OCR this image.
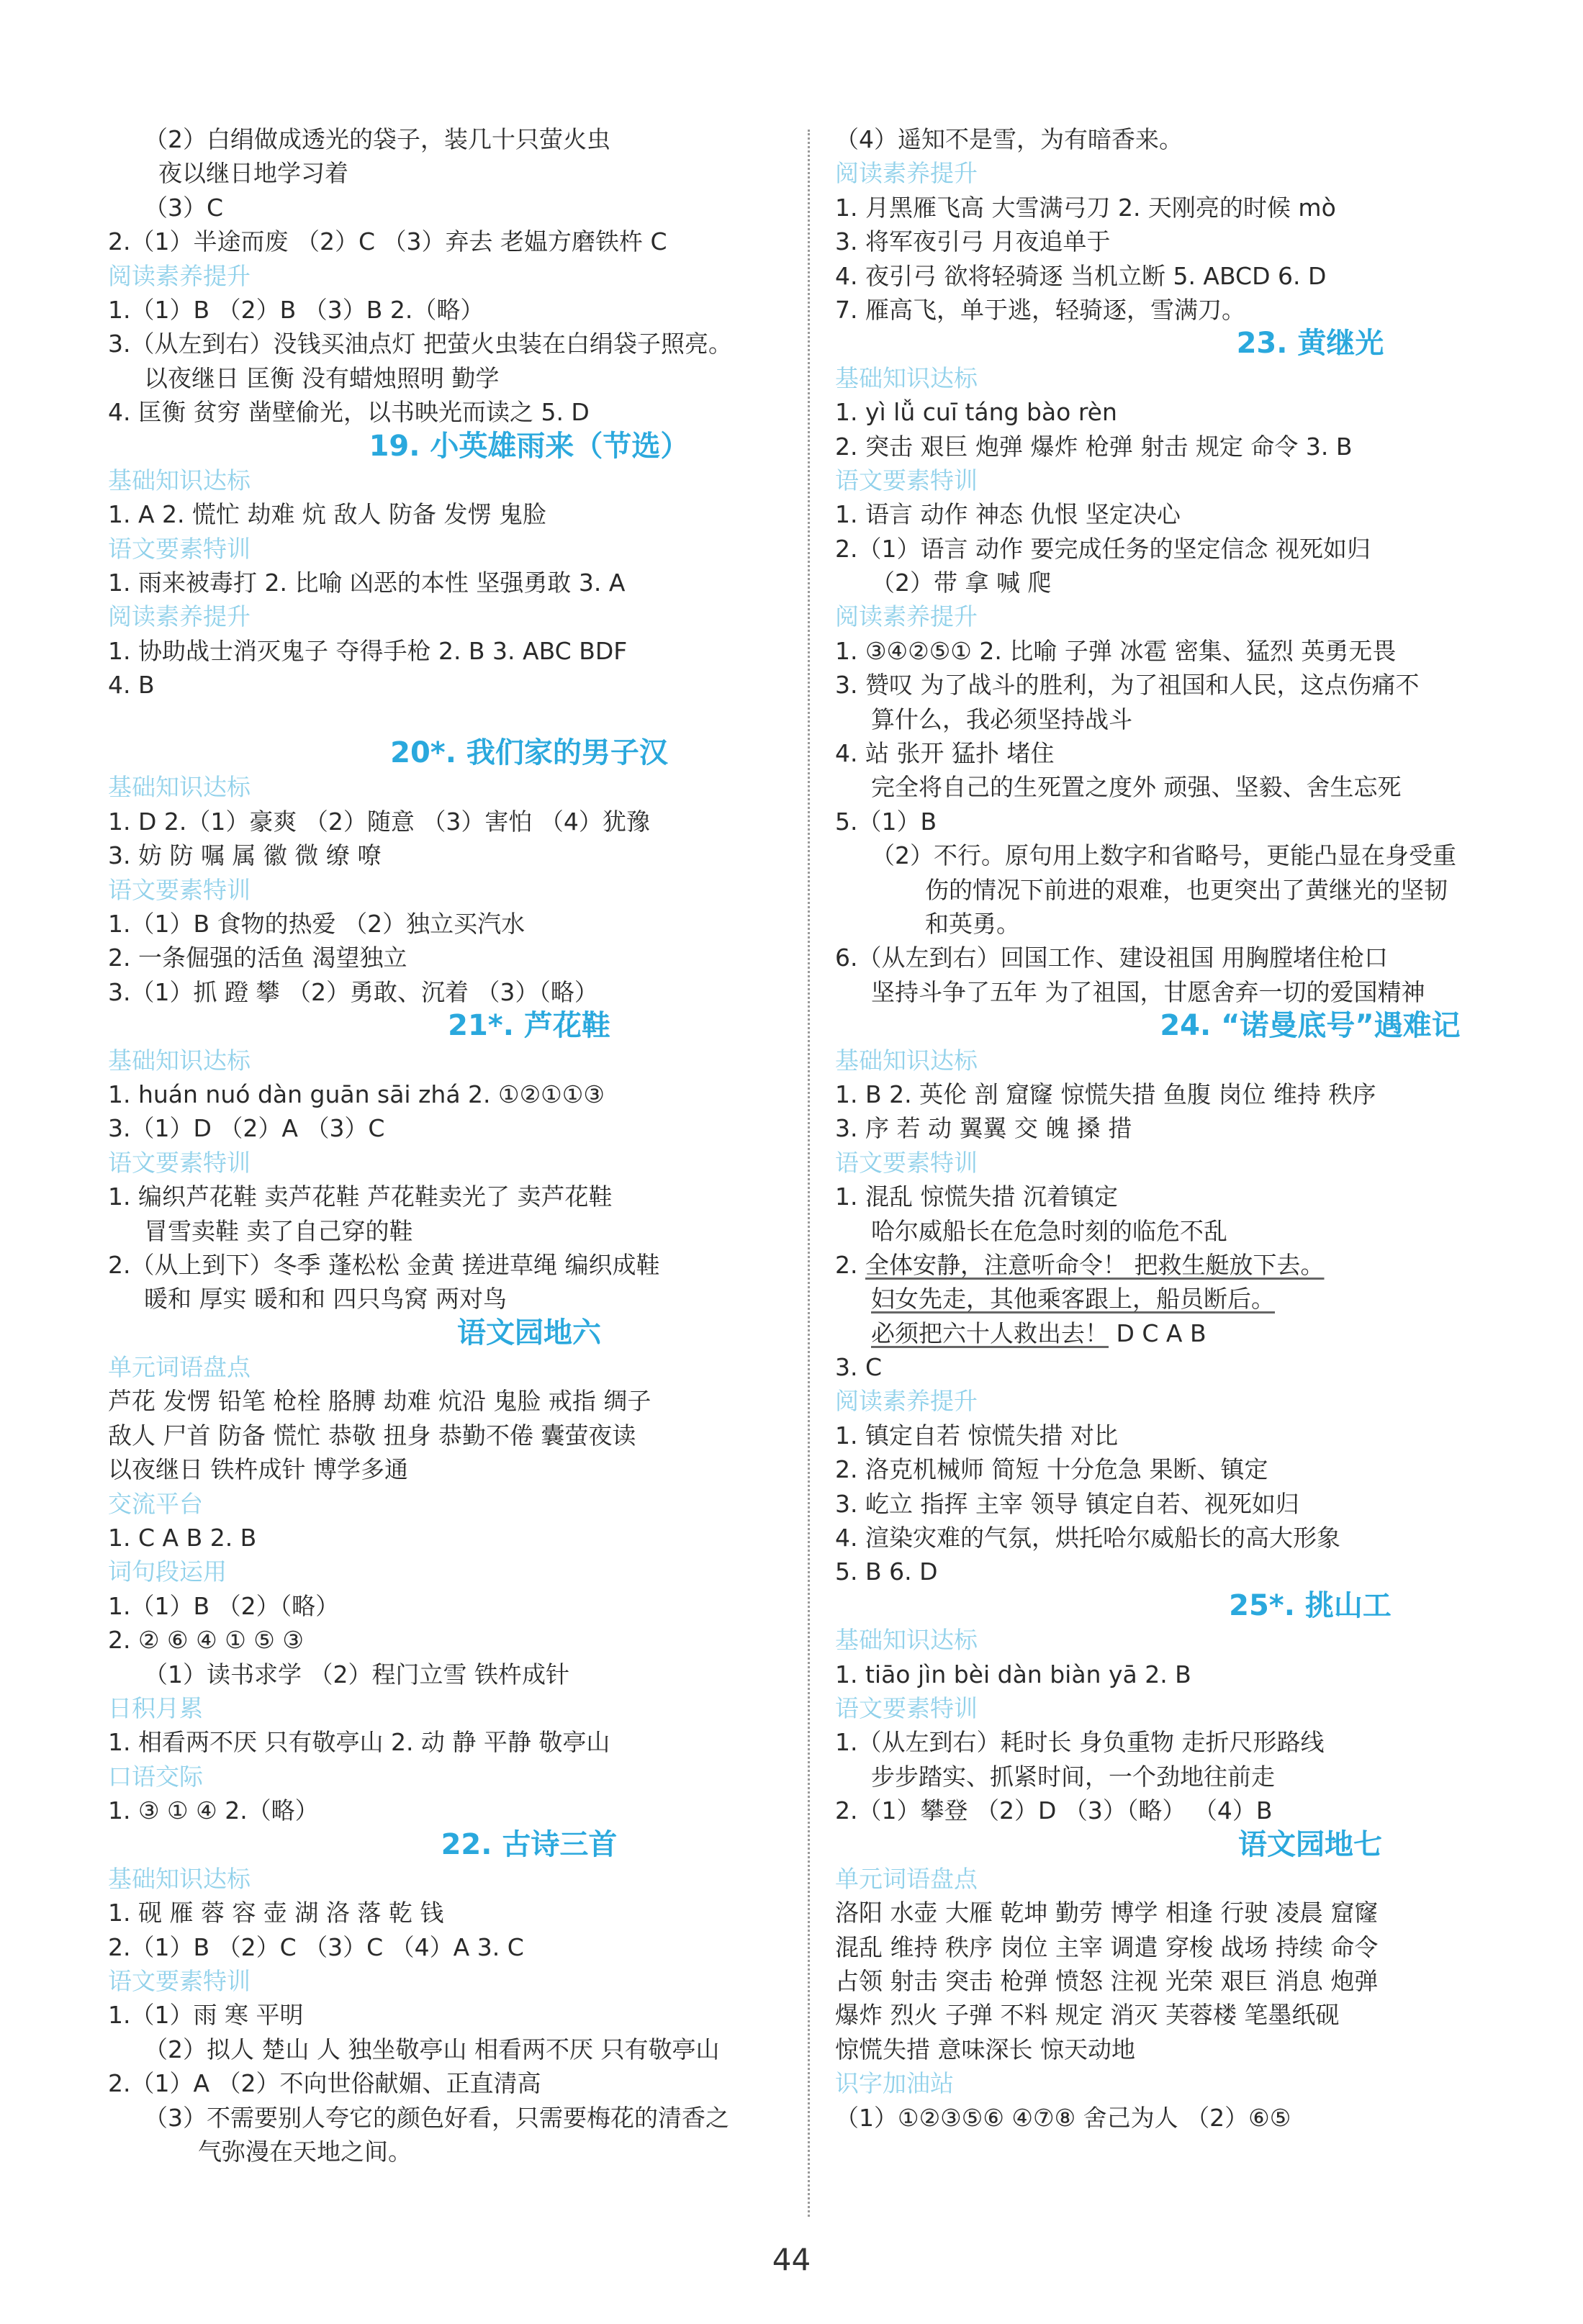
（2）白绢做成透光的袋子，装几十只萤火虫
夜以继日地学习着
（3）C
2.（1）半途而废 （2）C （3）弃去 老媪方磨铁杵 C
阅读素养提升
1.（1）B （2）B （3）B 2.（略）
3.（从左到右）没钱买油点灯 把萤火虫装在白绢袋子照亮。
以夜继日 匡衡 没有蜡烛照明 勤学
4. 匡衡 贫穷 凿壁偷光，以书映光而读之 5. D
19. 小英雄雨来（节选）
基础知识达标
1. A 2. 慌忙 劫难 炕 敌人 防备 发愣 鬼脸
语文要素特训
1. 雨来被毒打 2. 比喻 凶恶的本性 坚强勇敢 3. A
阅读素养提升
1. 协助战士消灭鬼子 夺得手枪 2. B 3. ABC BDF
4. B
20*. 我们家的男子汉
基础知识达标
1. D 2.（1）豪爽 （2）随意 （3）害怕 （4）犹豫
3. 妨 防 嘱 属 徽 微 缭 嘹
语文要素特训
1.（1）B 食物的热爱 （2）独立买汽水
2. 一条倔强的活鱼 渴望独立
3.（1）抓 蹬 攀 （2）勇敢、沉着 （3）（略）
21*. 芦花鞋
基础知识达标
1. huán nuó dàn guān sāi zhá 2. ①②①①③
3.（1）D （2）A （3）C
语文要素特训
1. 编织芦花鞋 卖芦花鞋 芦花鞋卖光了 卖芦花鞋
冒雪卖鞋 卖了自己穿的鞋
2.（从上到下）冬季 蓬松松 金黄 搓进草绳 编织成鞋
暖和 厚实 暖和和 四只鸟窝 两对鸟
语文园地六
单元词语盘点
芦花 发愣 铅笔 枪栓 胳膊 劫难 炕沿 鬼脸 戒指 绸子
敌人 尸首 防备 慌忙 恭敬 扭身 恭勤不倦 囊萤夜读
以夜继日 铁杵成针 博学多通
交流平台
1. C A B 2. B
词句段运用
1.（1）B （2）（略）
2. ② ⑥ ④ ① ⑤ ③
（1）读书求学 （2）程门立雪 铁杵成针
日积月累
1. 相看两不厌 只有敬亭山 2. 动 静 平静 敬亭山
口语交际
1. ③ ① ④ 2.（略）
22. 古诗三首
基础知识达标
1. 砚 雁 蓉 容 壶 湖 洛 落 乾 钱
2.（1）B （2）C （3）C （4）A 3. C
语文要素特训
1.（1）雨 寒 平明
（2）拟人 楚山 人 独坐敬亭山 相看两不厌 只有敬亭山
2.（1）A （2）不向世俗献媚、正直清高
（3）不需要别人夸它的颜色好看，只需要梅花的清香之
气弥漫在天地之间。
（4）遥知不是雪，为有暗香来。
阅读素养提升
1. 月黑雁飞高 大雪满弓刀 2. 天刚亮的时候 mò
3. 将军夜引弓 月夜追单于
4. 夜引弓 欲将轻骑逐 当机立断 5. ABCD 6. D
7. 雁高飞，单于逃，轻骑逐，雪满刀。
23. 黄继光
基础知识达标
1. yì lǚ cuī táng bào rèn
2. 突击 艰巨 炮弹 爆炸 枪弹 射击 规定 命令 3. B
语文要素特训
1. 语言 动作 神态 仇恨 坚定决心
2.（1）语言 动作 要完成任务的坚定信念 视死如归
（2）带 拿 喊 爬
阅读素养提升
1. ③④②⑤① 2. 比喻 子弹 冰雹 密集、猛烈 英勇无畏
3. 赞叹 为了战斗的胜利，为了祖国和人民，这点伤痛不
算什么，我必须坚持战斗
4. 站 张开 猛扑 堵住
完全将自己的生死置之度外 顽强、坚毅、舍生忘死
5.（1）B
（2）不行。原句用上数字和省略号，更能凸显在身受重
伤的情况下前进的艰难，也更突出了黄继光的坚韧
和英勇。
6.（从左到右）回国工作、建设祖国 用胸膛堵住枪口
坚持斗争了五年 为了祖国，甘愿舍弃一切的爱国精神
24. “诺曼底号”遇难记
基础知识达标
1. B 2. 英伦 剖 窟窿 惊慌失措 鱼腹 岗位 维持 秩序
3. 序 若 动 翼翼 交 魄 搡 措
语文要素特训
1. 混乱 惊慌失措 沉着镇定
哈尔威船长在危急时刻的临危不乱
2. 全体安静，注意听命令！ 把救生艇放下去。
妇女先走，其他乘客跟上，船员断后。
必须把六十人救出去！ D C A B
3. C
阅读素养提升
1. 镇定自若 惊慌失措 对比
2. 洛克机械师 简短 十分危急 果断、镇定
3. 屹立 指挥 主宰 领导 镇定自若、视死如归
4. 渲染灾难的气氛，烘托哈尔威船长的高大形象
5. B 6. D
25*. 挑山工
基础知识达标
1. tiāo jìn bèi dàn biàn yā 2. B
语文要素特训
1.（从左到右）耗时长 身负重物 走折尺形路线
步步踏实、抓紧时间，一个劲地往前走
2.（1）攀登 （2）D （3）（略） （4）B
语文园地七
单元词语盘点
洛阳 水壶 大雁 乾坤 勤劳 博学 相逢 行驶 凌晨 窟窿
混乱 维持 秩序 岗位 主宰 调遣 穿梭 战场 持续 命令
占领 射击 突击 枪弹 愤怒 注视 光荣 艰巨 消息 炮弹
爆炸 烈火 子弹 不料 规定 消灭 芙蓉楼 笔墨纸砚
惊慌失措 意味深长 惊天动地
识字加油站
（1）①②③⑤⑥ ④⑦⑧ 舍己为人 （2）⑥⑤
44
